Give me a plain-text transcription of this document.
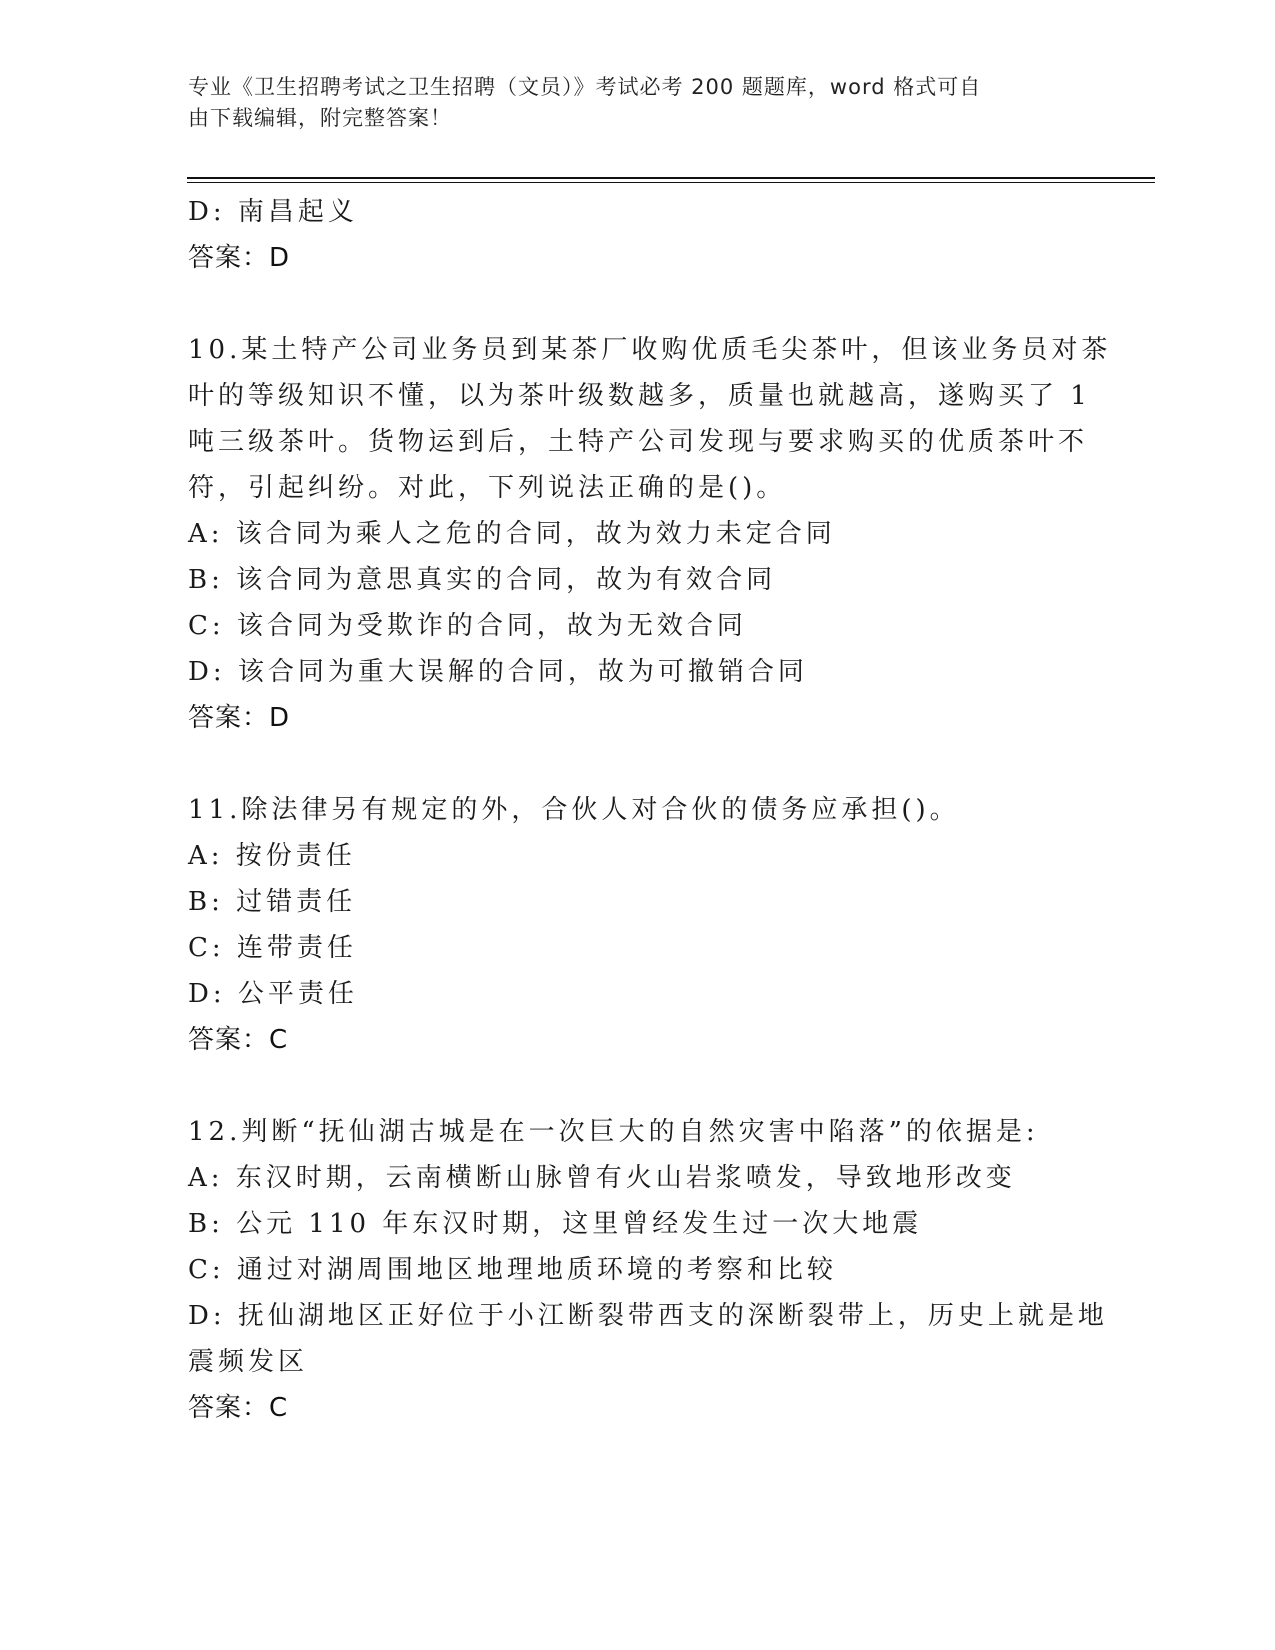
专业《卫生招聘考试之卫生招聘（文员）》考试必考 200 题题库，word 格式可自
由下载编辑，附完整答案！
D: 南昌起义
答案：D
10.某土特产公司业务员到某茶厂收购优质毛尖茶叶，但该业务员对茶
叶的等级知识不懂，以为茶叶级数越多，质量也就越高，遂购买了 1
吨三级茶叶。货物运到后，土特产公司发现与要求购买的优质茶叶不
符，引起纠纷。对此，下列说法正确的是()。
A: 该合同为乘人之危的合同，故为效力未定合同
B: 该合同为意思真实的合同，故为有效合同
C: 该合同为受欺诈的合同，故为无效合同
D: 该合同为重大误解的合同，故为可撤销合同
答案：D
11.除法律另有规定的外，合伙人对合伙的债务应承担()。
A: 按份责任
B: 过错责任
C: 连带责任
D: 公平责任
答案：C
12.判断“抚仙湖古城是在一次巨大的自然灾害中陷落”的依据是:
A: 东汉时期，云南横断山脉曾有火山岩浆喷发，导致地形改变
B: 公元 110 年东汉时期，这里曾经发生过一次大地震
C: 通过对湖周围地区地理地质环境的考察和比较
D: 抚仙湖地区正好位于小江断裂带西支的深断裂带上，历史上就是地
震频发区
答案：C
